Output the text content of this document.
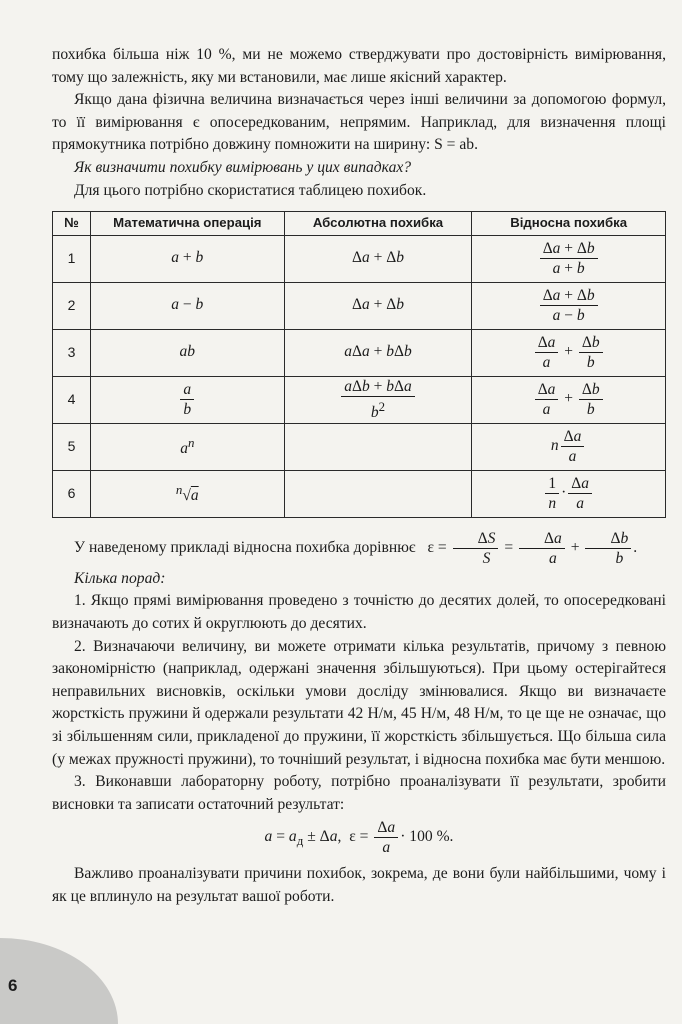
похибка більша ніж 10 %, ми не можемо стверджувати про достовірність вимірювання, тому що залежність, яку ми встановили, має лише якісний характер.

Якщо дана фізична величина визначається через інші величини за допомогою формул, то її вимірювання є опосередкованим, непрямим. Наприклад, для визначення площі прямокутника потрібно довжину помножити на ширину: S = ab.

Як визначити похибку вимірювань у цих випадках?

Для цього потрібно скористатися таблицею похибок.

№	Математична операція	Абсолютна похибка	Відносна похибка
1	a + b	Δa + Δb	$\frac{\Delta a + \Delta b}{a + b}$

2	a − b	Δa + Δb	$\frac{\Delta a + \Delta b}{a - b}$

3	ab	aΔa + bΔb	$\frac{\Delta a}{a} + \frac{\Delta b}{b}$

4	$\frac{a}{b}$	$\frac{\text{aΔb + bΔa}}{b^2}$	$\frac{\Delta a}{a} + \frac{\Delta b}{b}$

5	$a^n$		n $\frac{\Delta a}{a}$

6	$^n$√a		$\frac{1}{n} \cdot \frac{\Delta a}{a}$

У наведеному прикладі відносна похибка дорівнює $\varepsilon = \frac{\Delta S}{S} = \frac{\Delta a}{a} + \frac{\Delta b}{b}$ .

Кілька порад:

1. Якщо прямі вимірювання проведено з точністю до десятих долей, то опосередковані визначають до сотих й округлюють до десятих.

2. Визначаючи величину, ви можете отримати кілька результатів, причому з певною закономірністю (наприклад, одержані значення збільшуються). При цьому остерігайтеся неправильних висновків, оскільки умови досліду змінювалися. Якщо ви визначаєте жорсткість пружини й одержали результати 42 Н/м, 45 Н/м, 48 Н/м, то це ще не означає, що зі збільшенням сили, прикладеної до пружини, її жорсткість збільшується. Що більша сила (у межах пружності пружини), то точніший результат, і відносна похибка має бути меншою.

3. Виконавши лабораторну роботу, потрібно проаналізувати її результати, зробити висновки та записати остаточний результат:

$a = a_д \pm \Delta a$,  $\varepsilon = \frac{\Delta a}{a} \cdot 100$ %.

Важливо проаналізувати причини похибок, зокрема, де вони були найбільшими, чому і як це вплинуло на результат вашої роботи.

6
